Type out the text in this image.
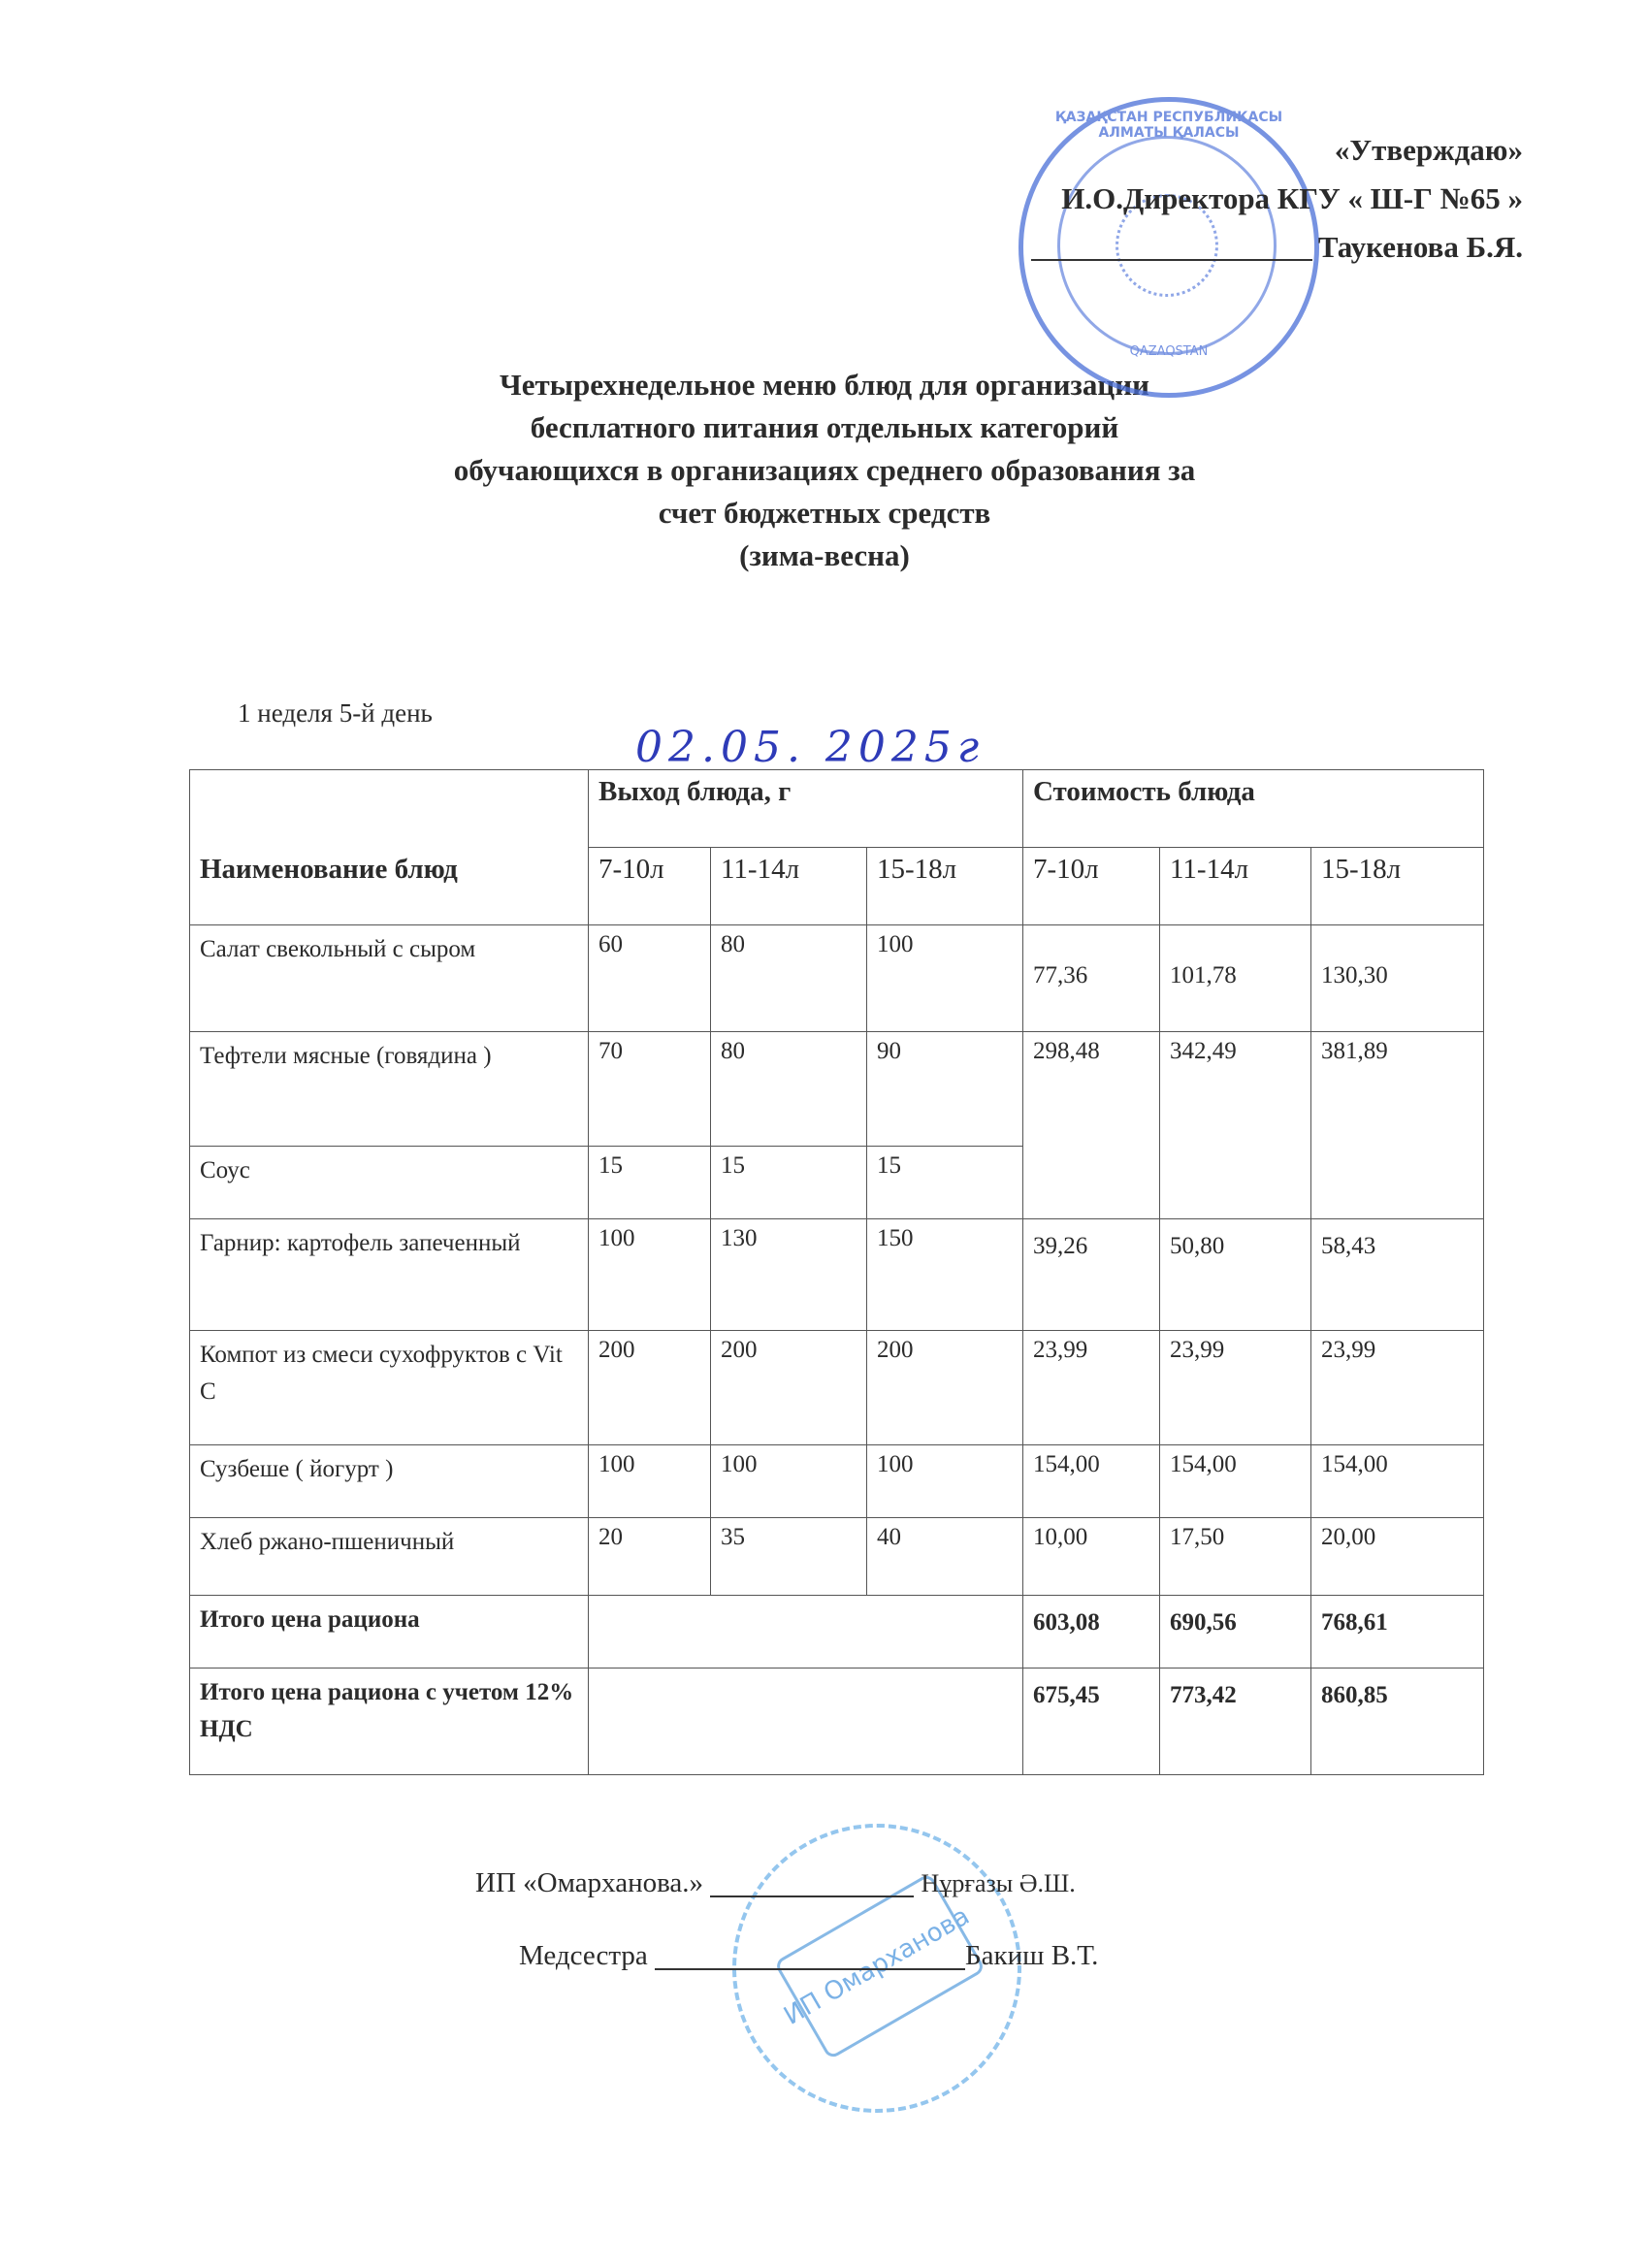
ҚАЗАҚСТАН РЕСПУБЛИКАСЫ АЛМАТЫ ҚАЛАСЫ
QAZAQSTAN
«Утверждаю»
И.О.Директора КГУ « Ш-Г №65 »
Таукенова Б.Я.
Четырехнедельное меню блюд для организации
бесплатного питания отдельных категорий
обучающихся в организациях среднего образования за
счет бюджетных средств
(зима-весна)
1 неделя 5-й день
02.05. 2025г
Наименование блюд	Выход блюда, г			Стоимость блюда		
	7-10л	11-14л	15-18л	7-10л	11-14л	15-18л
Салат свекольный с сыром	60	80	100	77,36	101,78	130,30
Тефтели мясные (говядина )	70	80	90	298,48	342,49	381,89
Соус	15	15	15			
Гарнир: картофель запеченный	100	130	150	39,26	50,80	58,43
Компот из смеси сухофруктов с Vit C	200	200	200	23,99	23,99	23,99
Сузбеше ( йогурт )	100	100	100	154,00	154,00	154,00
Хлеб ржано-пшеничный	20	35	40	10,00	17,50	20,00
Итого цена рациона				603,08	690,56	768,61
Итого цена рациона с учетом 12% НДС				675,45	773,42	860,85
ИП Омарханова
ИП «Омарханова.»	Нұрғазы Ә.Ш.
Медсестра	Бакиш В.Т.
